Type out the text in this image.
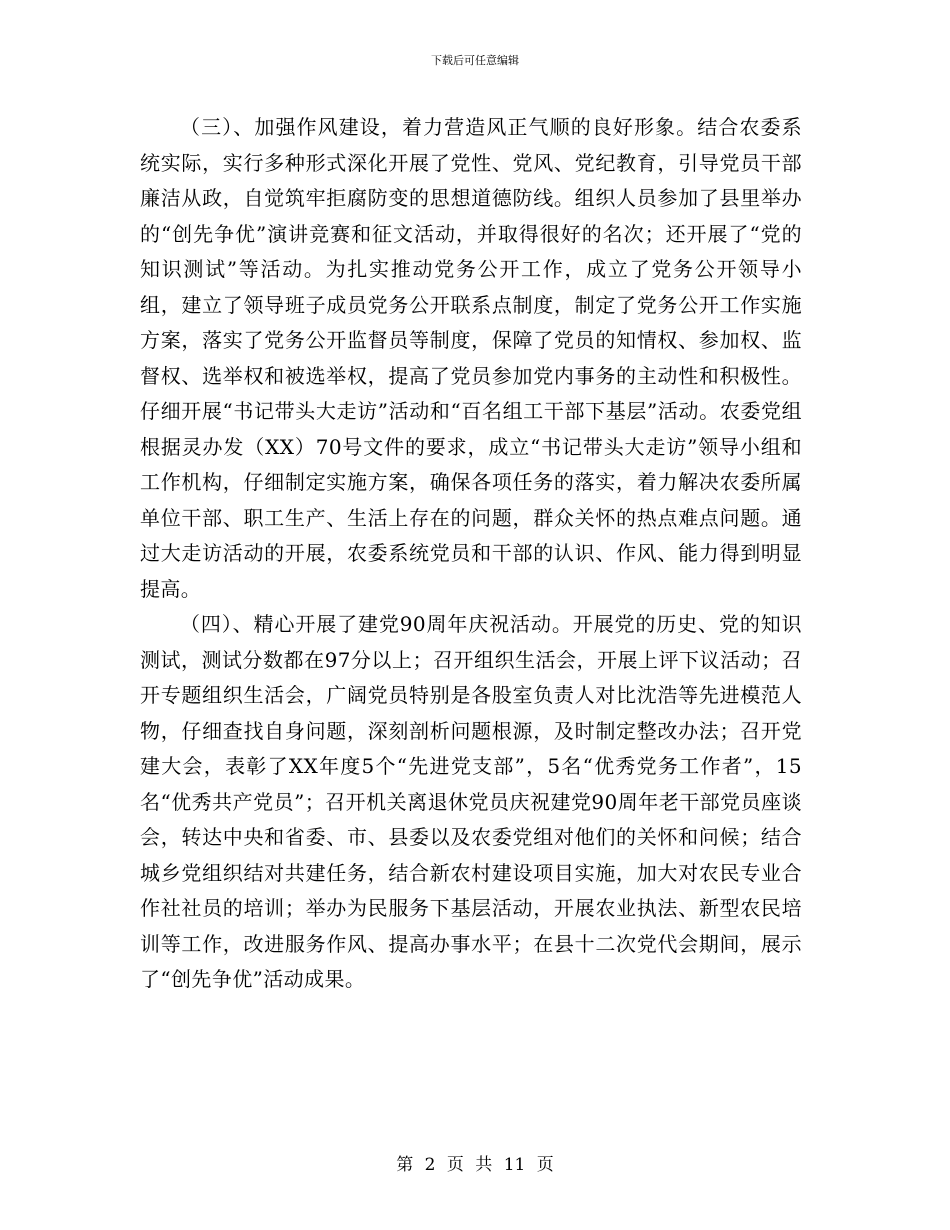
下载后可任意编辑

（三）、加强作风建设，着力营造风正气顺的良好形象。结合农委系统实际，实行多种形式深化开展了党性、党风、党纪教育，引导党员干部廉洁从政，自觉筑牢拒腐防变的思想道德防线。组织人员参加了县里举办的“创先争优”演讲竞赛和征文活动，并取得很好的名次；还开展了“党的知识测试”等活动。为扎实推动党务公开工作，成立了党务公开领导小组，建立了领导班子成员党务公开联系点制度，制定了党务公开工作实施方案，落实了党务公开监督员等制度，保障了党员的知情权、参加权、监督权、选举权和被选举权，提高了党员参加党内事务的主动性和积极性。仔细开展“书记带头大走访”活动和“百名组工干部下基层”活动。农委党组根据灵办发（XX）70号文件的要求，成立“书记带头大走访”领导小组和工作机构，仔细制定实施方案，确保各项任务的落实，着力解决农委所属单位干部、职工生产、生活上存在的问题，群众关怀的热点难点问题。通过大走访活动的开展，农委系统党员和干部的认识、作风、能力得到明显提高。

（四）、精心开展了建党90周年庆祝活动。开展党的历史、党的知识测试，测试分数都在97分以上；召开组织生活会，开展上评下议活动；召开专题组织生活会，广阔党员特别是各股室负责人对比沈浩等先进模范人物，仔细查找自身问题，深刻剖析问题根源，及时制定整改办法；召开党建大会，表彰了XX年度5个“先进党支部”，5名“优秀党务工作者”，15名“优秀共产党员”；召开机关离退休党员庆祝建党90周年老干部党员座谈会，转达中央和省委、市、县委以及农委党组对他们的关怀和问候；结合城乡党组织结对共建任务，结合新农村建设项目实施，加大对农民专业合作社社员的培训；举办为民服务下基层活动，开展农业执法、新型农民培训等工作，改进服务作风、提高办事水平；在县十二次党代会期间，展示了“创先争优”活动成果。

第 2 页 共 11 页
